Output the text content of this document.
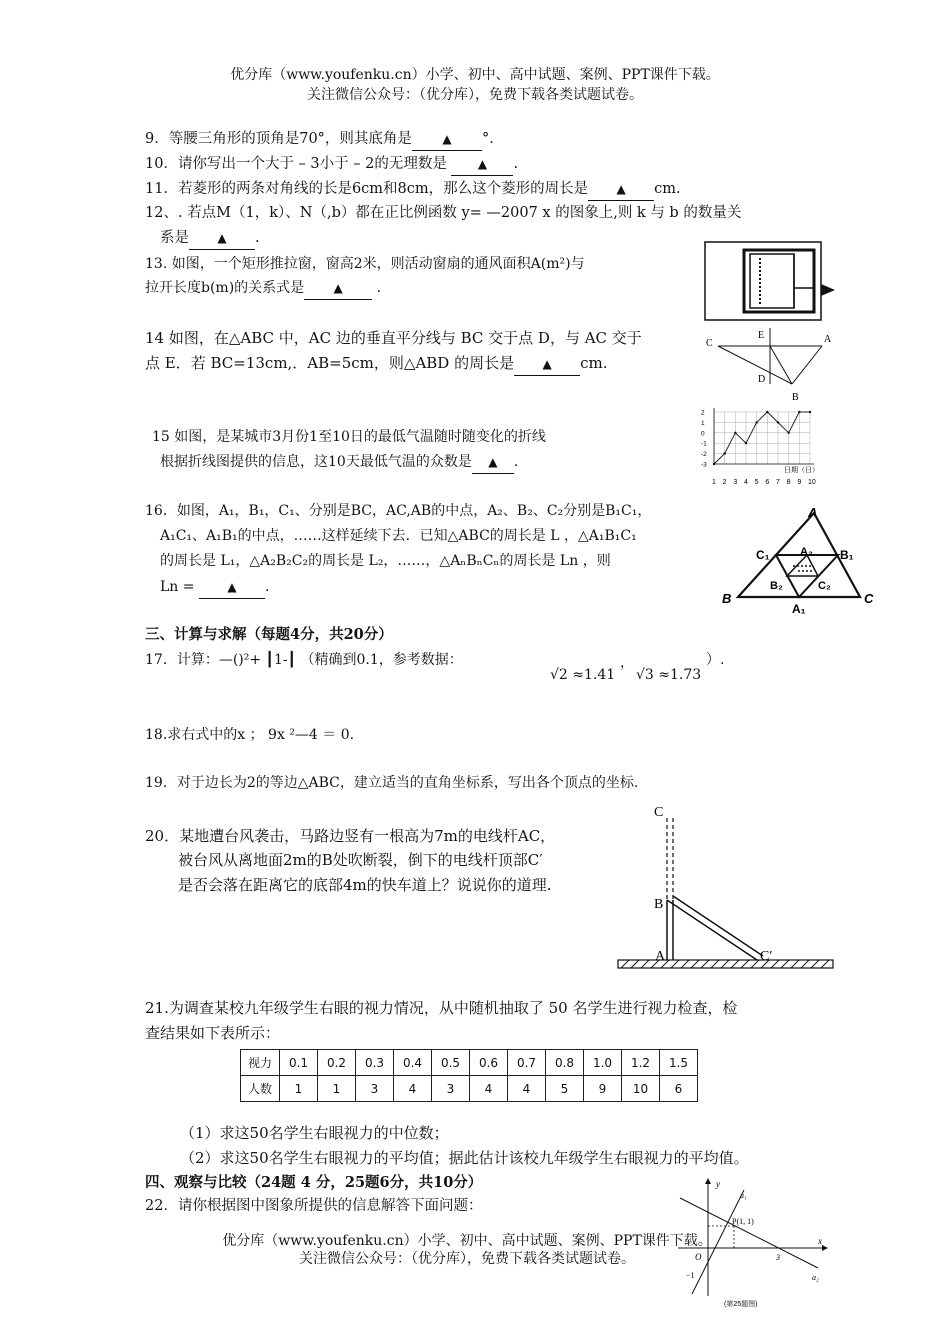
优分库（www.youfenku.cn）小学、初中、高中试题、案例、PPT课件下载。
关注微信公众号：（优分库），免费下载各类试题试卷。
9．等腰三角形的顶角是70°，则其底角是	▲ °．
10．请你写出一个大于 – 3小于 – 2的无理数是	▲ .
11．若菱形的两条对角线的长是6cm和8cm，那么这个菱形的周长是 ▲ cm.
12、. 若点M（1，k）、N（,b）都在正比例函数 y= —2007 x 的图象上,则 k 与 b 的数量关
系是 ▲ .
13. 如图，一个矩形推拉窗，窗高2米，则活动窗扇的通风面积A(m²)与
拉开长度b(m)的关系式是 ▲ .
14 如图，在△ABC 中，AC 边的垂直平分线与 BC 交于点 D，与 AC 交于
点 E．若 BC=13cm,．AB=5cm，则△ABD 的周长是 ▲ cm.
C
E	A
D
B
15 如图，是某城市3月份1至10日的最低气温随时随变化的折线
根据折线图提供的信息，这10天最低气温的众数是 ▲ .
1 2 3 4 5 6 7 8 9 10
2
1
0
-1
-2
-3
日期（日）
16．如图，A₁，B₁，C₁、分别是BC，AC,AB的中点，A₂、B₂、C₂分别是B₁C₁，
A₁C₁、A₁B₁的中点，……这样延续下去．已知△ABC的周长是 L ，△A₁B₁C₁
的周长是 L₁，△A₂B₂C₂的周长是 L₂，……，△AₙBₙCₙ的周长是 Ln ，则
Ln =	▲ .
A
B	C
A₁
B₁
C₁	A₂
B₂	C₂
三、计算与求解（每题4分，共20分）
17．计算：—()²+ ┃1-┃ （精确到0.1，参考数据：
√2 ≈1.41
，
√3 ≈1.73
）.
18.求右式中的x ； 9x ²—4 ＝ 0.
19．对于边长为2的等边△ABC，建立适当的直角坐标系，写出各个顶点的坐标.
20．某地遭台风袭击，马路边竖有一根高为7m的电线杆AC，
被台风从离地面2m的B处吹断裂，倒下的电线杆顶部C′
是否会落在距离它的底部4m的快车道上？说说你的道理.
C
B
A	C′
21.为调查某校九年级学生右眼的视力情况，从中随机抽取了 50 名学生进行视力检查，检
查结果如下表所示：
视力	0.1	0.2	0.3	0.4	0.5	0.6	0.7	0.8	1.0	1.2	1.5
人数	1	1	3	4	3	4	4	5	9	10	6
（1）求这50名学生右眼视力的中位数；
（2）求这50名学生右眼视力的平均值；据此估计该校九年级学生右眼视力的平均值。
四、观察与比较（24题 4 分，25题6分，共10分）
22．请你根据图中图象所提供的信息解答下面问题：
y
x
O
P(1, 1)
a₁
a₂
3
−1
(第25题图)
优分库（www.youfenku.cn）小学、初中、高中试题、案例、PPT课件下载。
关注微信公众号：（优分库），免费下载各类试题试卷。
